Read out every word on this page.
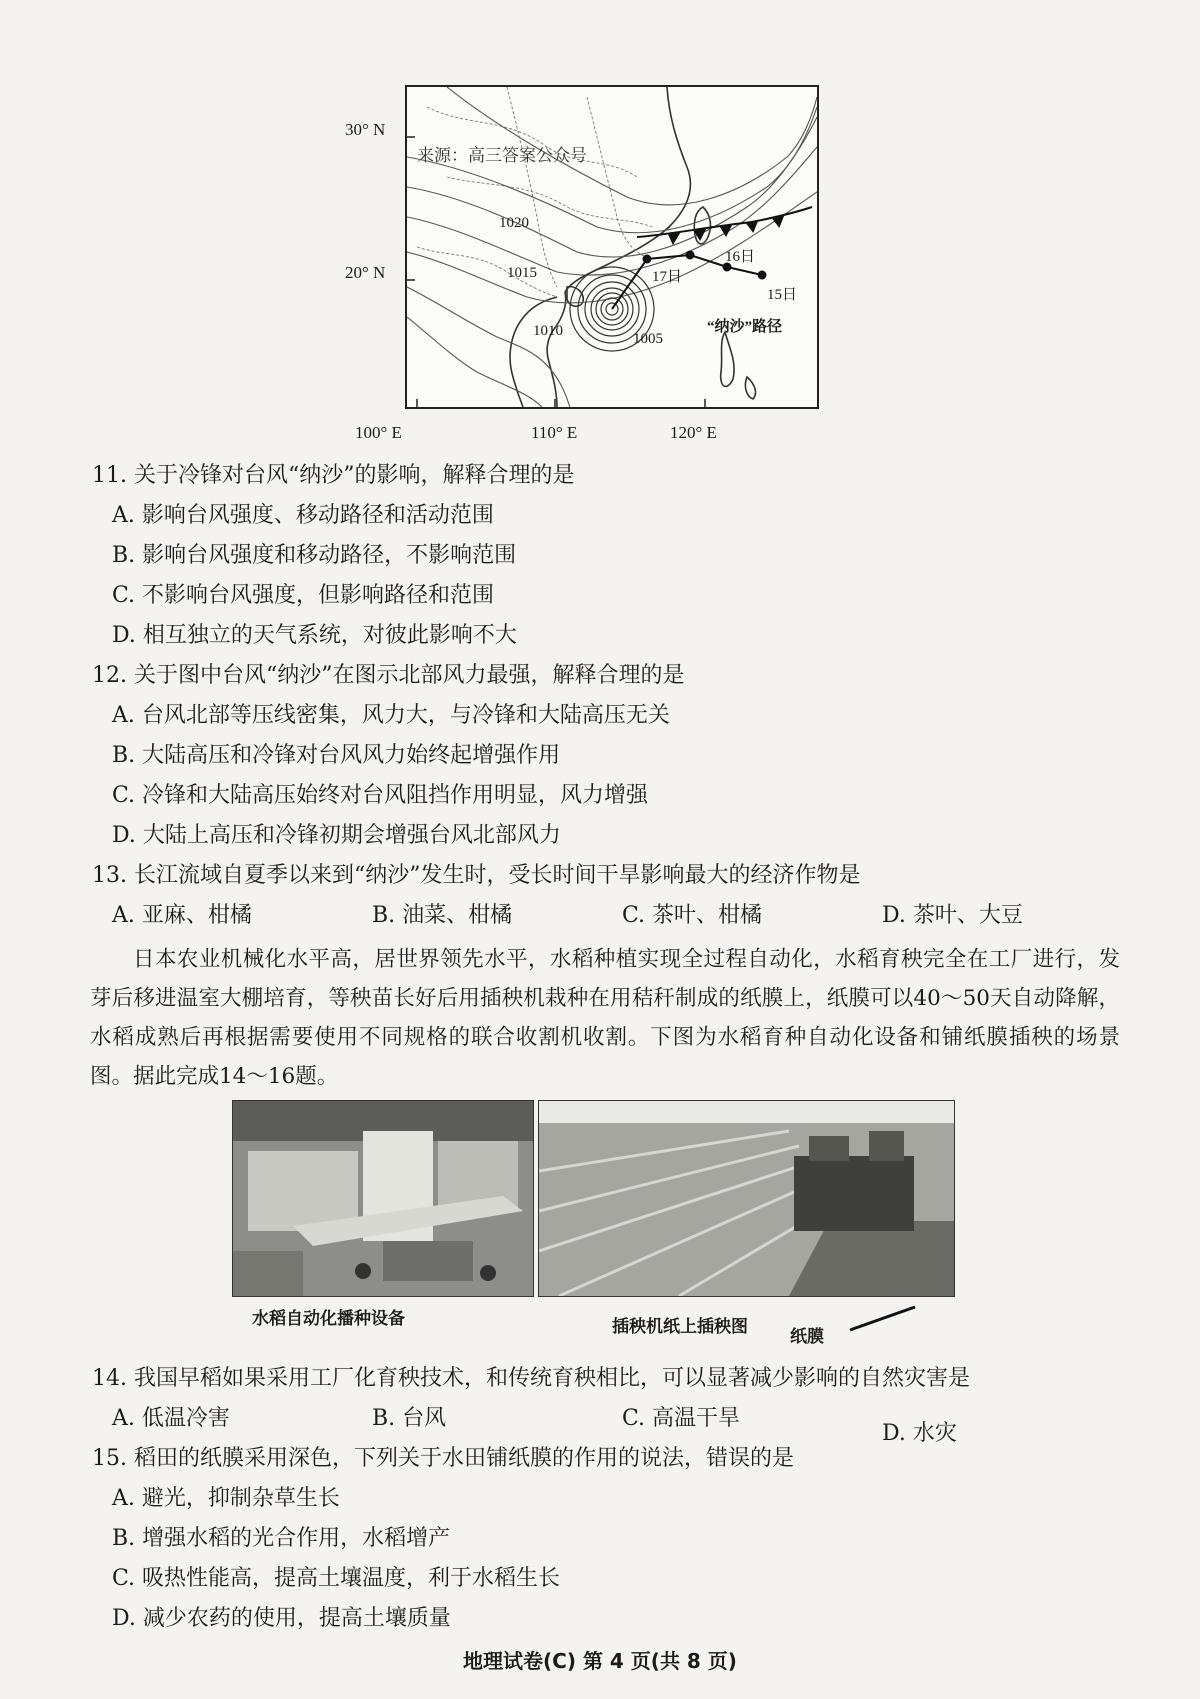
30° N
20° N
100° E	110° E	120° E
1020
1015
1010	1005
17日
16日
15日
“纳沙”路径
来源：高三答案公众号
11. 关于冷锋对台风“纳沙”的影响，解释合理的是
A. 影响台风强度、移动路径和活动范围
B. 影响台风强度和移动路径，不影响范围
C. 不影响台风强度，但影响路径和范围
D. 相互独立的天气系统，对彼此影响不大
12. 关于图中台风“纳沙”在图示北部风力最强，解释合理的是
A. 台风北部等压线密集，风力大，与冷锋和大陆高压无关
B. 大陆高压和冷锋对台风风力始终起增强作用
C. 冷锋和大陆高压始终对台风阻挡作用明显，风力增强
D. 大陆上高压和冷锋初期会增强台风北部风力
13. 长江流域自夏季以来到“纳沙”发生时，受长时间干旱影响最大的经济作物是
A. 亚麻、柑橘	B. 油菜、柑橘	C. 茶叶、柑橘	D. 茶叶、大豆
日本农业机械化水平高，居世界领先水平，水稻种植实现全过程自动化，水稻育秧完全在工厂进行，发芽后移进温室大棚培育，等秧苗长好后用插秧机栽种在用秸秆制成的纸膜上，纸膜可以40～50天自动降解，水稻成熟后再根据需要使用不同规格的联合收割机收割。下图为水稻育种自动化设备和铺纸膜插秧的场景图。据此完成14～16题。
水稻自动化播种设备	插秧机纸上插秧图 纸膜
14. 我国早稻如果采用工厂化育秧技术，和传统育秧相比，可以显著减少影响的自然灾害是
A. 低温冷害	B. 台风	C. 高温干旱
D. 水灾
15. 稻田的纸膜采用深色，下列关于水田铺纸膜的作用的说法，错误的是
A. 避光，抑制杂草生长
B. 增强水稻的光合作用，水稻增产
C. 吸热性能高，提高土壤温度，利于水稻生长
D. 减少农药的使用，提高土壤质量
地理试卷(C) 第 4 页(共 8 页)
